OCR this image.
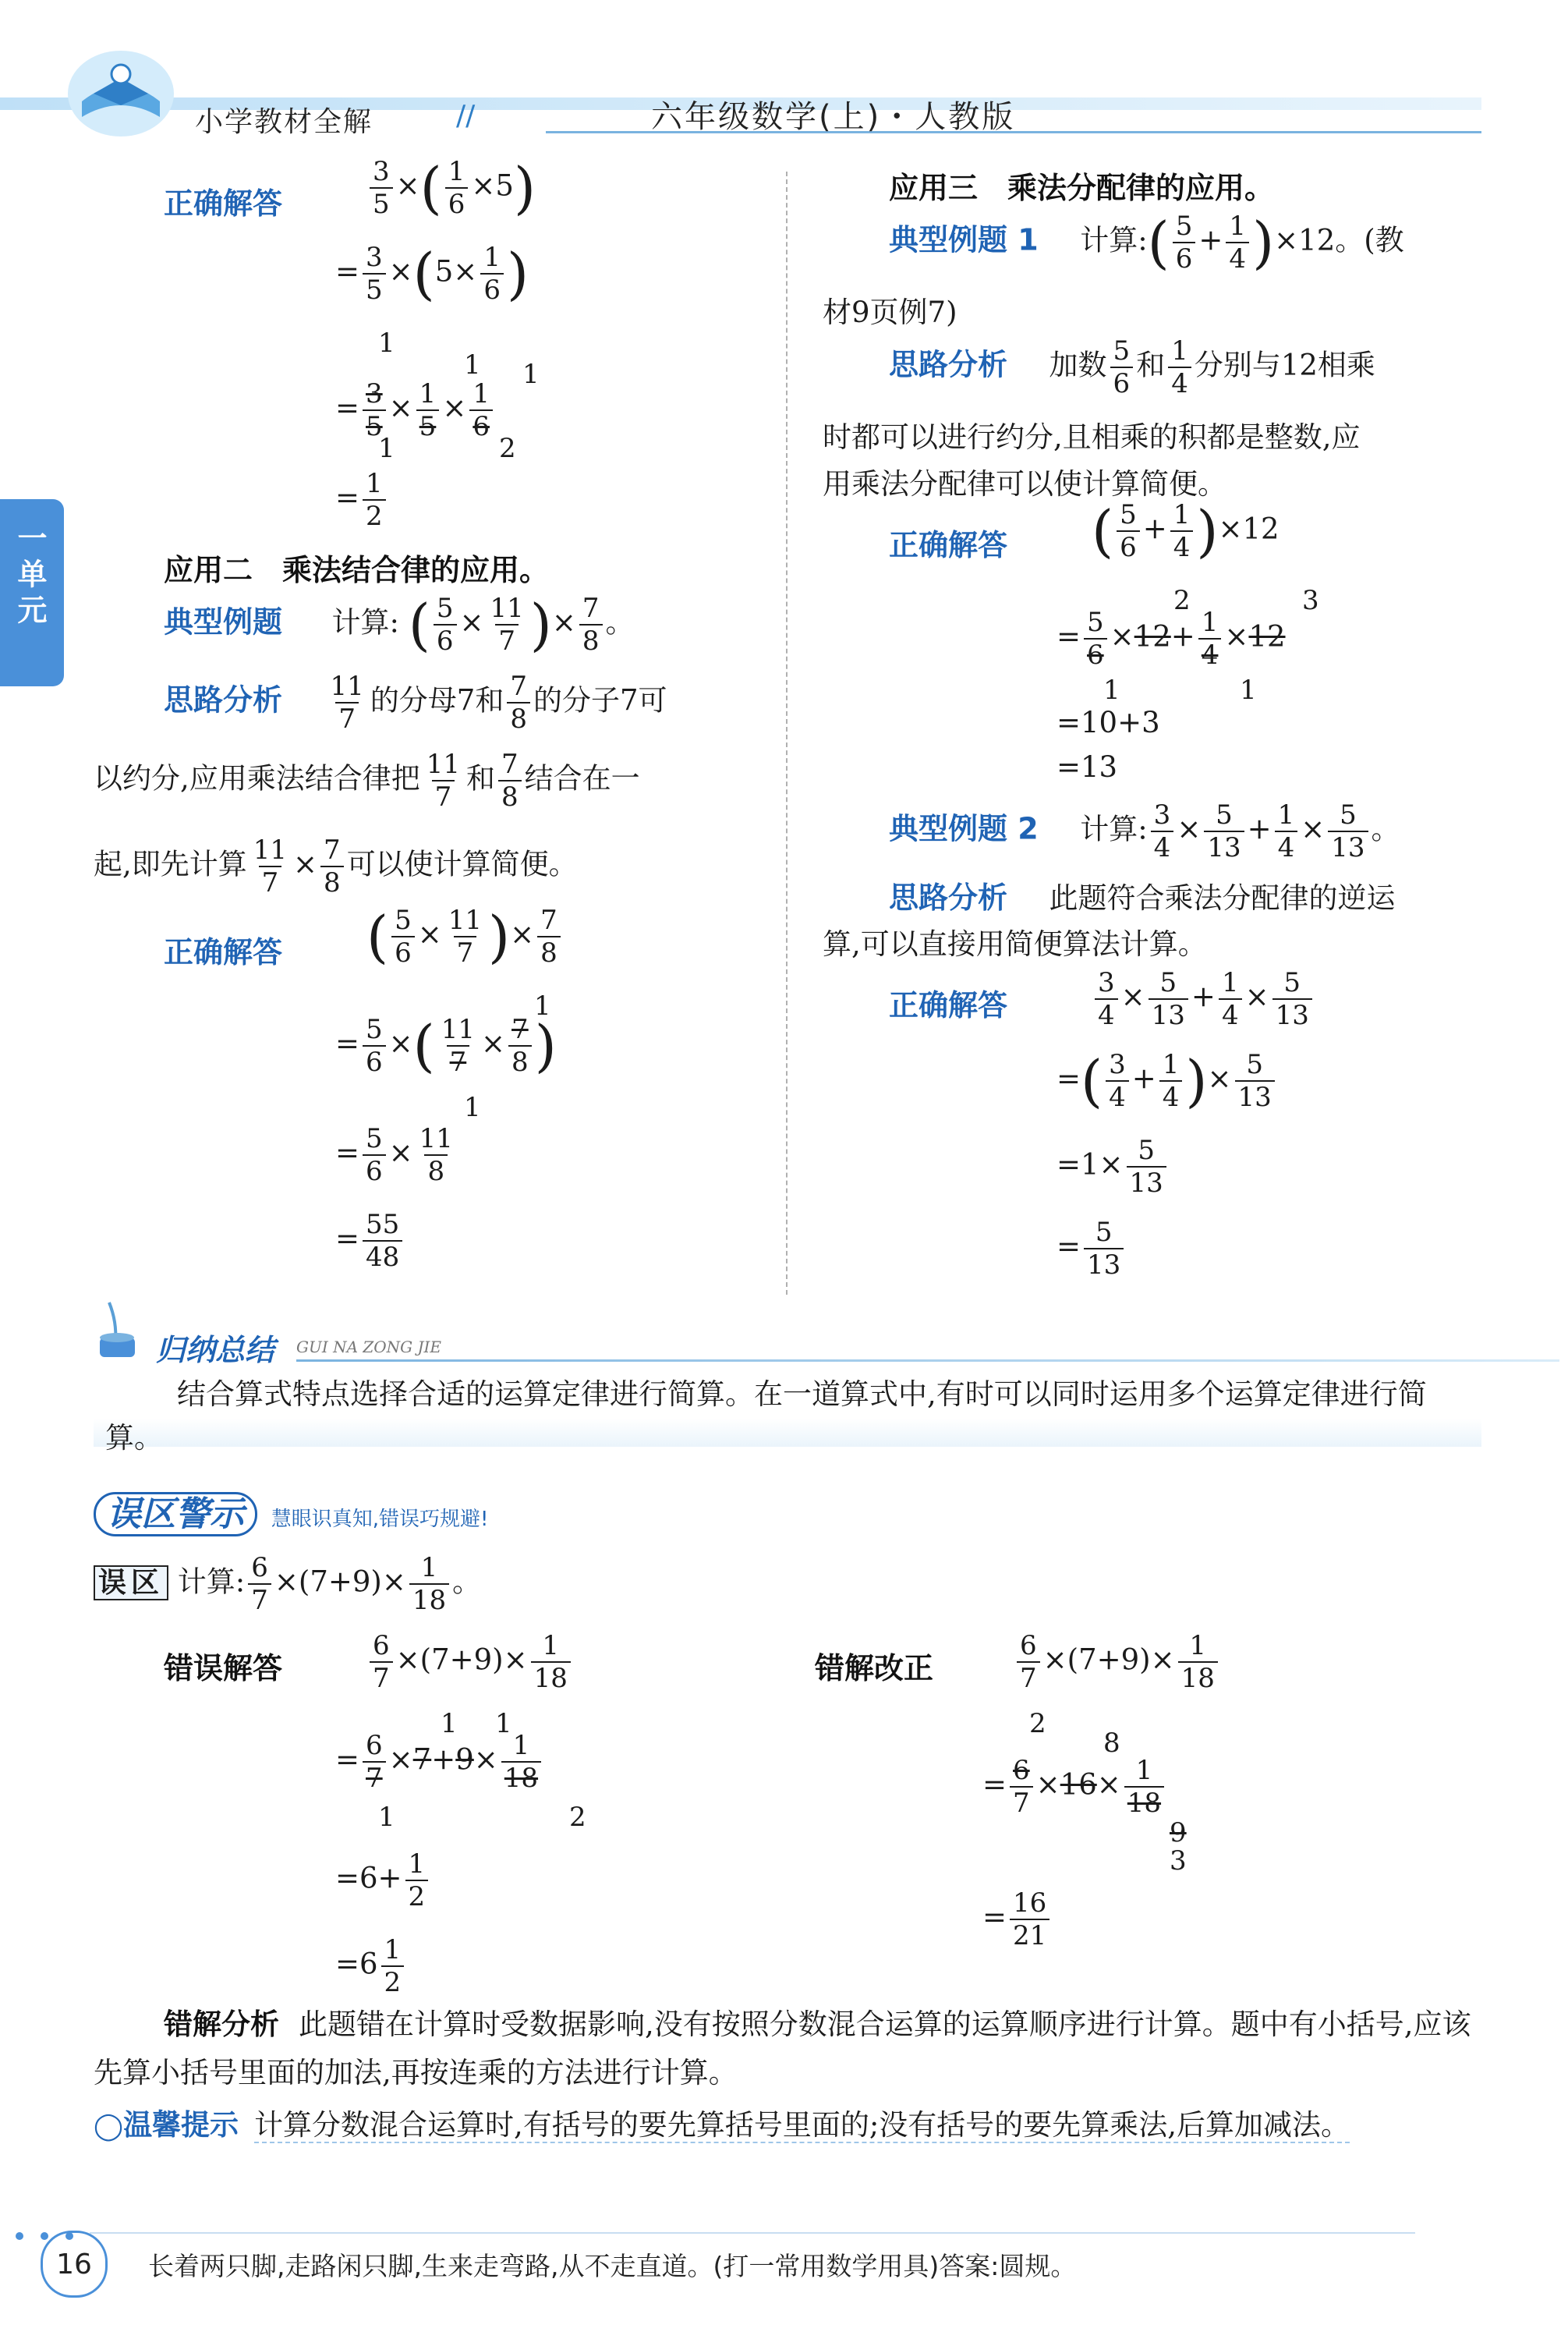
小学教材全解	//	六年级数学(上)・人教版
一单元
正确解答	$\frac{3}{5}$ ×( $\frac{1}{6} \times 5$)
= $\frac{3}{5} \times(5\times \frac{1}{6}$ )
1
1 1
= $\frac{3}{5} \times \frac{1}{5} \times \frac{1}{6}$
1	2
= $\frac{1}{2}$
应用二　乘法结合律的应用。
典型例题 计算: ( $\frac{5}{6} \times \frac{11}{7}$ )× $\frac{7}{8}$ 。
思路分析 $\frac{11}{7}$ 的分母7和 $\frac{7}{8}$ 的分子7可
以约分,应用乘法结合律把 $\frac{11}{7}$ 和 $\frac{7}{8}$ 结合在一
起,即先计算 $\frac{11}{7} \times \frac{7}{8}$ 可以使计算简便。
正确解答 ( $\frac{5}{6} \times \frac{11}{7}$ )× $\frac{7}{8}$
1
= $\frac{5}{6}$ ×( $\frac{11}{7} \times \frac{7}{8}$ )
1
= $\frac{5}{6} \times \frac{11}{8}$
= $\frac{55}{48}$
应用三　乘法分配律的应用。
典型例题 1 计算:( $\frac{5}{6} + \frac{1}{4} )\times 12$。(教
材9页例7)
思路分析 加数 $\frac{5}{6}$ 和 $\frac{1}{4}$ 分别与12相乘
时都可以进行约分,且相乘的积都是整数,应
用乘法分配律可以使计算简便。
正确解答 ( $\frac{5}{6} + \frac{1}{4} )\times 12$
2	3
= $\frac{5}{6} \times 12+ \frac{1}{4} \times 12$
1	1
=10+3
=13
典型例题 2 计算: $\frac{3}{4} \times \frac{5}{13} + \frac{1}{4} \times \frac{5}{13}$ 。
思路分析 此题符合乘法分配律的逆运
算,可以直接用简便算法计算。
正确解答	$\frac{3}{4} \times \frac{5}{13} + \frac{1}{4} \times \frac{5}{13}$
=( $\frac{3}{4} + \frac{1}{4}$ )× $\frac{5}{13}$
$=1\times \frac{5}{13}$
= $\frac{5}{13}$
归纳总结 GUI NA ZONG JIE
结合算式特点选择合适的运算定律进行简算。在一道算式中,有时可以同时运用多个运算定律进行简算。
误区警示 慧眼识真知,错误巧规避!
误区 计算: $\frac{6}{7} \times(7+9)\times \frac{1}{18}$ 。
错误解答	$\frac{6}{7} \times(7+9)\times \frac{1}{18}$
1 1
= $\frac{6}{7} \times 7+9\times \frac{1}{18}$
1	2
$=6+ \frac{1}{2}$
$=6 \frac{1}{2}$
错解改正	$\frac{6}{7} \times(7+9)\times \frac{1}{18}$
2
8
= $\frac{6}{7} \times 16\times \frac{1}{18}$
9
3
= $\frac{16}{21}$
错解分析 此题错在计算时受数据影响,没有按照分数混合运算的运算顺序进行计算。题中有小括号,应该先算小括号里面的加法,再按连乘的方法进行计算。
◯温馨提示 计算分数混合运算时,有括号的要先算括号里面的;没有括号的要先算乘法,后算加减法。

16	长着两只脚,走路闲只脚,生来走弯路,从不走直道。(打一常用数学用具)答案:圆规。
